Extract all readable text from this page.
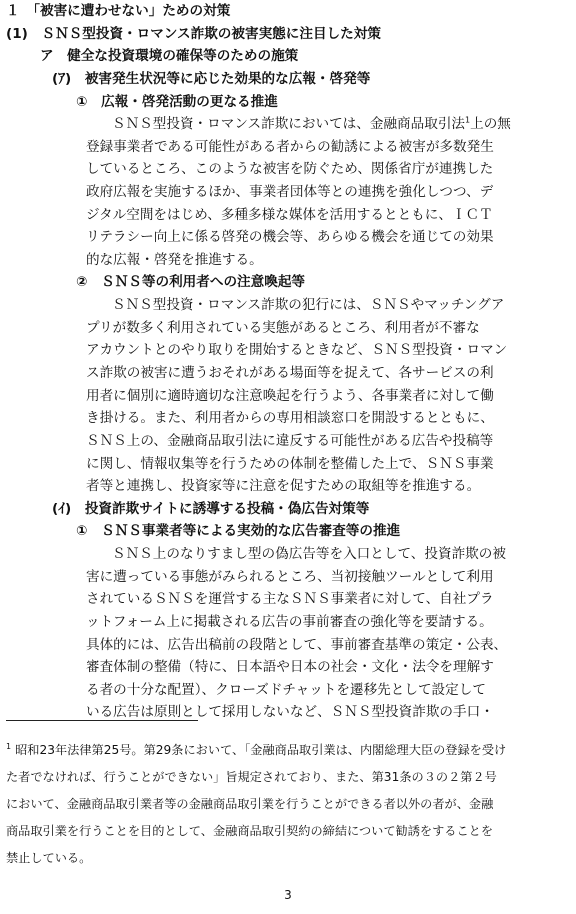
１　「被害に遭わせない」ための対策
(1)　ＳＮＳ型投資・ロマンス詐欺の被害実態に注目した対策
ア　健全な投資環境の確保等のための施策
(ｱ)　被害発生状況等に応じた効果的な広報・啓発等
①　広報・啓発活動の更なる推進
ＳＮＳ型投資・ロマンス詐欺においては、金融商品取引法$^1$上の無
登録事業者である可能性がある者からの勧誘による被害が多数発生
しているところ、このような被害を防ぐため、関係省庁が連携した
政府広報を実施するほか、事業者団体等との連携を強化しつつ、デ
ジタル空間をはじめ、多種多様な媒体を活用するとともに、ＩＣＴ
リテラシー向上に係る啓発の機会等、あらゆる機会を通じての効果
的な広報・啓発を推進する。
②　ＳＮＳ等の利用者への注意喚起等
ＳＮＳ型投資・ロマンス詐欺の犯行には、ＳＮＳやマッチングア
プリが数多く利用されている実態があるところ、利用者が不審な
アカウントとのやり取りを開始するときなど、ＳＮＳ型投資・ロマン
ス詐欺の被害に遭うおそれがある場面等を捉えて、各サービスの利
用者に個別に適時適切な注意喚起を行うよう、各事業者に対して働
き掛ける。また、利用者からの専用相談窓口を開設するとともに、
ＳＮＳ上の、金融商品取引法に違反する可能性がある広告や投稿等
に関し、情報収集等を行うための体制を整備した上で、ＳＮＳ事業
者等と連携し、投資家等に注意を促すための取組等を推進する。
(ｲ)　投資詐欺サイトに誘導する投稿・偽広告対策等
①　ＳＮＳ事業者等による実効的な広告審査等の推進
ＳＮＳ上のなりすまし型の偽広告等を入口として、投資詐欺の被
害に遭っている事態がみられるところ、当初接触ツールとして利用
されているＳＮＳを運営する主なＳＮＳ事業者に対して、自社プラ
ットフォーム上に掲載される広告の事前審査の強化等を要請する。
具体的には、広告出稿前の段階として、事前審査基準の策定・公表、
審査体制の整備（特に、日本語や日本の社会・文化・法令を理解す
る者の十分な配置）、クローズドチャットを遷移先として設定して
いる広告は原則として採用しないなど、ＳＮＳ型投資詐欺の手口・
$^1$ 昭和23年法律第25号。第29条において、「金融商品取引業は、内閣総理大臣の登録を受け
た者でなければ、行うことができない」旨規定されており、また、第31条の３の２第２号
において、金融商品取引業者等の金融商品取引業を行うことができる者以外の者が、金融
商品取引業を行うことを目的として、金融商品取引契約の締結について勧誘をすることを
禁止している。
3
